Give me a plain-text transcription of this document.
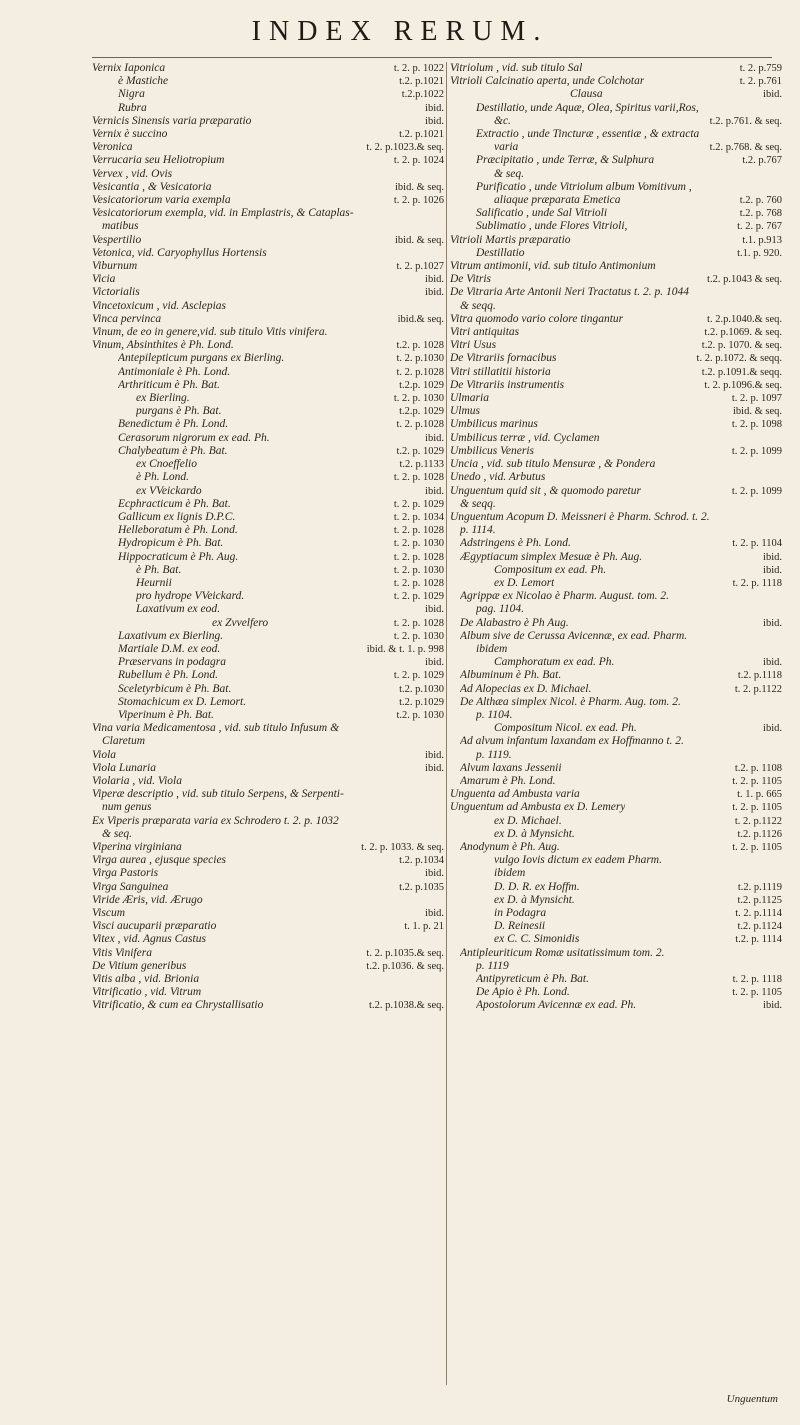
INDEX RERUM.
Vernix Iaponica	t. 2. p. 1022
è Mastiche	t.2. p.1021
Nigra	t.2.p.1022
Rubra	ibid.
Vernicis Sinensis varia præparatio	ibid.
Vernix è succino	t.2. p.1021
Veronica	t. 2. p.1023.& seq.
Verrucaria seu Heliotropium	t. 2. p. 1024
Vervex , vid. Ovis
Vesicantia , & Vesicatoria	ibid. & seq.
Vesicatoriorum varia exempla	t. 2. p. 1026
Vesicatoriorum exempla, vid. in Emplastris, & Cataplas-
matibus
Vespertilio	ibid. & seq.
Vetonica, vid. Caryophyllus Hortensis
Viburnum	t. 2. p.1027
Vicia	ibid.
Victorialis	ibid.
Vincetoxicum , vid. Asclepias
Vinca pervinca	ibid.& seq.
Vinum, de eo in genere,vid. sub titulo Vitis vinifera.
Vinum, Absinthites è Ph. Lond.	t.2. p. 1028
Antepilepticum purgans ex Bierling.	t. 2. p.1030
Antimoniale è Ph. Lond.	t. 2. p.1028
Arthriticum è Ph. Bat.	t.2.p. 1029
ex Bierling.	t. 2. p. 1030
purgans è Ph. Bat.	t.2.p. 1029
Benedictum è Ph. Lond.	t. 2. p.1028
Cerasorum nigrorum ex ead. Ph.	ibid.
Chalybeatum è Ph. Bat.	t.2. p. 1029
ex Cnoeffelio	t.2. p.1133
è Ph. Lond.	t. 2. p. 1028
ex VVeickardo	ibid.
Ecphracticum è Ph. Bat.	t. 2. p. 1029
Gallicum ex lignis D.P.C.	t. 2. p. 1034
Helleboratum è Ph. Lond.	t. 2. p. 1028
Hydropicum è Ph. Bat.	t. 2. p. 1030
Hippocraticum è Ph. Aug.	t. 2. p. 1028
è Ph. Bat.	t. 2. p. 1030
Heurnii	t. 2. p. 1028
pro hydrope VVeickard.	t. 2. p. 1029
Laxativum ex eod.	ibid.
ex Zvvelfero	t. 2. p. 1028
Laxativum ex Bierling.	t. 2. p. 1030
Martiale D.M. ex eod.	ibid. & t. 1. p. 998
Præservans in podagra	ibid.
Rubellum è Ph. Lond.	t. 2. p. 1029
Sceletyrbicum è Ph. Bat.	t.2. p.1030
Stomachicum ex D. Lemort.	t.2. p.1029
Viperinum è Ph. Bat.	t.2. p. 1030
Vina varia Medicamentosa , vid. sub titulo Infusum &
Claretum
Viola	ibid.
Viola Lunaria	ibid.
Violaria , vid. Viola
Viperæ descriptio , vid. sub titulo Serpens, & Serpenti-
num genus
Ex Viperis præparata varia ex Schrodero t. 2. p. 1032
& seq.
Viperina virginiana	t. 2. p. 1033. & seq.
Virga aurea , ejusque species	t.2. p.1034
Virga Pastoris	ibid.
Virga Sanguinea	t.2. p.1035
Viride Æris, vid. Ærugo
Viscum	ibid.
Visci aucuparii præparatio	t. 1. p. 21
Vitex , vid. Agnus Castus
Vitis Vinifera	t. 2. p.1035.& seq.
De Vitium generibus	t.2. p.1036. & seq.
Vitis alba , vid. Brionia
Vitrificatio , vid. Vitrum
Vitrificatio, & cum ea Chrystallisatio	t.2. p.1038.& seq.
Vitriolum , vid. sub titulo Sal	t. 2. p.759
Vitrioli Calcinatio aperta, unde Colchotar	t. 2. p.761
Clausa	ibid.
Destillatio, unde Aquæ, Olea, Spiritus varii,Ros,
&c.	t.2. p.761. & seq.
Extractio , unde Tincturæ , essentiæ , & extracta
varia	t.2. p.768. & seq.
Præcipitatio , unde Terræ, & Sulphura	t.2. p.767
& seq.
Purificatio , unde Vitriolum album Vomitivum ,
aliaque præparata Emetica	t.2. p. 760
Salificatio , unde Sal Vitrioli	t.2. p. 768
Sublimatio , unde Flores Vitrioli,	t. 2. p. 767
Vitrioli Martis præparatio	t.1. p.913
Destillatio	t.1. p. 920.
Vitrum antimonii, vid. sub titulo Antimonium
De Vitris	t.2. p.1043 & seq.
De Vitraria Arte Antonii Neri Tractatus t. 2. p. 1044
& seqq.
Vitra quomodo vario colore tingantur	t. 2.p.1040.& seq.
Vitri antiquitas	t.2. p.1069. & seq.
Vitri Usus	t.2. p. 1070. & seq.
De Vitrariis fornacibus	t. 2. p.1072. & seqq.
Vitri stillatitii historia	t.2. p.1091.& seqq.
De Vitrariis instrumentis	t. 2. p.1096.& seq.
Ulmaria	t. 2. p. 1097
Ulmus	ibid. & seq.
Umbilicus marinus	t. 2. p. 1098
Umbilicus terræ , vid. Cyclamen
Umbilicus Veneris	t. 2. p. 1099
Uncia , vid. sub titulo Mensuræ , & Pondera
Unedo , vid. Arbutus
Unguentum quid sit , & quomodo paretur	t. 2. p. 1099
& seqq.
Unguentum Acopum D. Meissneri è Pharm. Schrod. t. 2.
p. 1114.
Adstringens è Ph. Lond.	t. 2. p. 1104
Ægyptiacum simplex Mesuæ è Ph. Aug.	ibid.
Compositum ex ead. Ph.	ibid.
ex D. Lemort	t. 2. p. 1118
Agrippæ ex Nicolao è Pharm. August. tom. 2.
pag. 1104.
De Alabastro è Ph Aug.	ibid.
Album sive de Cerussa Avicennæ, ex ead. Pharm.
ibidem
Camphoratum ex ead. Ph.	ibid.
Albuminum è Ph. Bat.	t.2. p.1118
Ad Alopecias ex D. Michael.	t. 2. p.1122
De Althæa simplex Nicol. è Pharm. Aug. tom. 2.
p. 1104.
Compositum Nicol. ex ead. Ph.	ibid.
Ad alvum infantum laxandam ex Hoffmanno t. 2.
p. 1119.
Alvum laxans Jessenii	t.2. p. 1108
Amarum è Ph. Lond.	t. 2. p. 1105
Unguenta ad Ambusta varia	t. 1. p. 665
Unguentum ad Ambusta ex D. Lemery	t. 2. p. 1105
ex D. Michael.	t. 2. p.1122
ex D. à Mynsicht.	t.2. p.1126
Anodynum è Ph. Aug.	t. 2. p. 1105
vulgo Iovis dictum ex eadem Pharm.
ibidem
D. D. R. ex Hoffm.	t.2. p.1119
ex D. à Mynsicht.	t.2. p.1125
in Podagra	t. 2. p.1114
D. Reinesii	t.2. p.1124
ex C. C. Simonidis	t.2. p. 1114
Antipleuriticum Romæ usitatissimum tom. 2.
p. 1119
Antipyreticum è Ph. Bat.	t. 2. p. 1118
De Apio è Ph. Lond.	t. 2. p. 1105
Apostolorum Avicennæ ex ead. Ph.	ibid.
Unguentum
